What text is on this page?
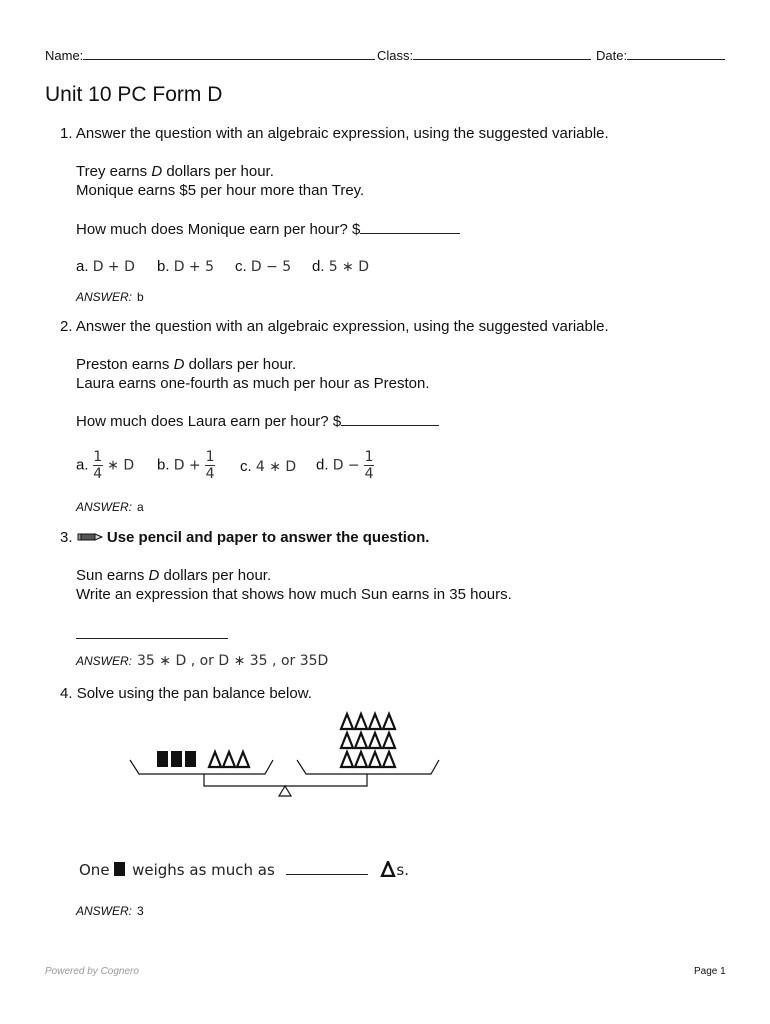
Name:	Class:	Date:
Unit 10 PC Form D
1. Answer the question with an algebraic expression, using the suggested variable.
Trey earns D dollars per hour.
Monique earns $5 per hour more than Trey.
How much does Monique earn per hour? $
a. D + D b. D + 5 c. D − 5 d. 5 ∗ D
ANSWER: b
2. Answer the question with an algebraic expression, using the suggested variable.
Preston earns D dollars per hour.
Laura earns one-fourth as much per hour as Preston.
How much does Laura earn per hour? $
a. $\frac{1}{4}$ ∗ D b. $D + \frac{1}{4} c$. 4 ∗ D d. $D - \frac{1}{4}$
ANSWER: a
3. Use pencil and paper to answer the question.
Sun earns D dollars per hour.
Write an expression that shows how much Sun earns in 35 hours.
ANSWER: 35 ∗ D , or D ∗ 35 , or 35D
4. Solve using the pan balance below.
One weighs as much as	s.
ANSWER: 3
Powered by Cognero	Page 1
